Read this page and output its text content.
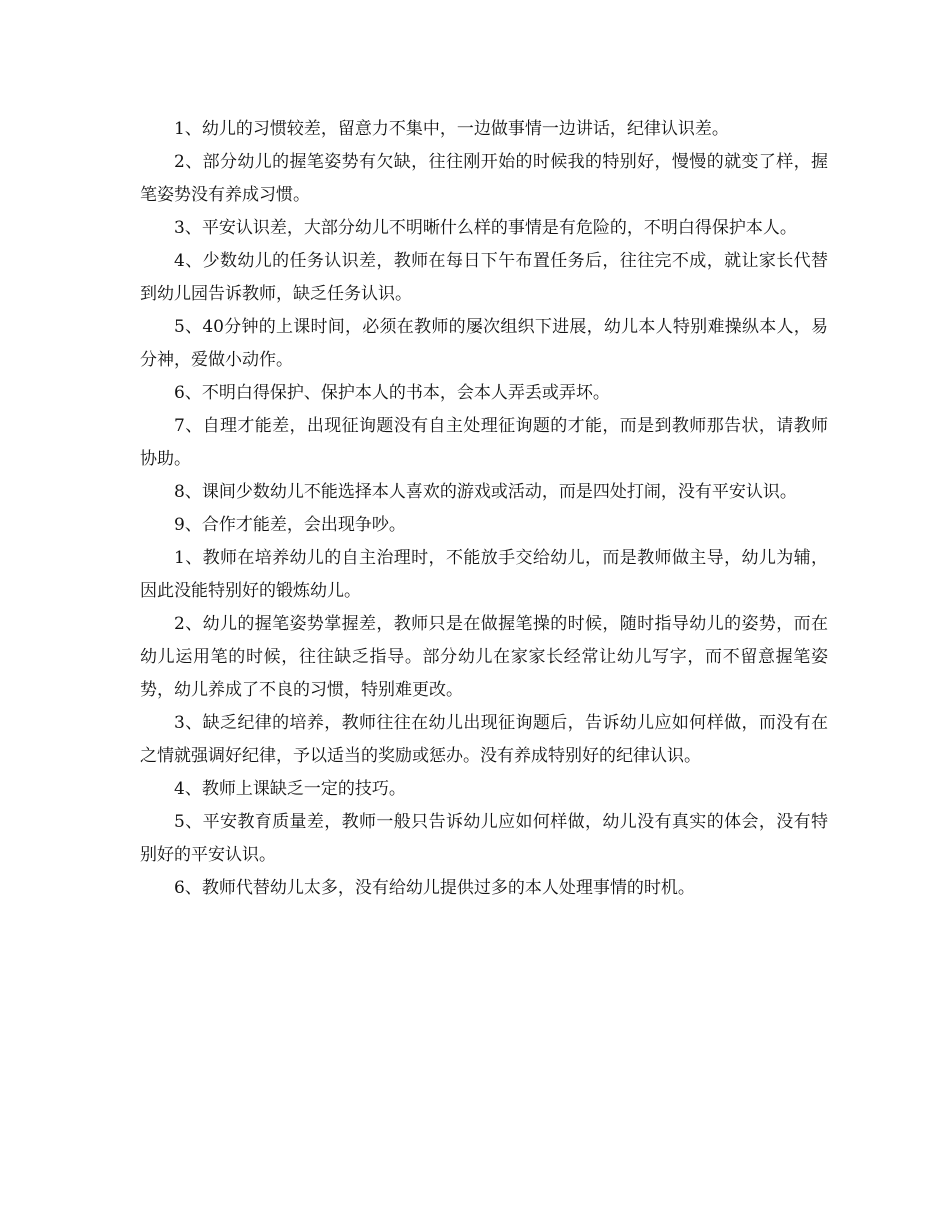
1、幼儿的习惯较差，留意力不集中，一边做事情一边讲话，纪律认识差。

2、部分幼儿的握笔姿势有欠缺，往往刚开始的时候我的特别好，慢慢的就变了样，握笔姿势没有养成习惯。

3、平安认识差，大部分幼儿不明晰什么样的事情是有危险的，不明白得保护本人。

4、少数幼儿的任务认识差，教师在每日下午布置任务后，往往完不成，就让家长代替到幼儿园告诉教师，缺乏任务认识。

5、40分钟的上课时间，必须在教师的屡次组织下进展，幼儿本人特别难操纵本人，易分神，爱做小动作。

6、不明白得保护、保护本人的书本，会本人弄丢或弄坏。

7、自理才能差，出现征询题没有自主处理征询题的才能，而是到教师那告状，请教师协助。

8、课间少数幼儿不能选择本人喜欢的游戏或活动，而是四处打闹，没有平安认识。

9、合作才能差，会出现争吵。

1、教师在培养幼儿的自主治理时，不能放手交给幼儿，而是教师做主导，幼儿为辅，因此没能特别好的锻炼幼儿。

2、幼儿的握笔姿势掌握差，教师只是在做握笔操的时候，随时指导幼儿的姿势，而在幼儿运用笔的时候，往往缺乏指导。部分幼儿在家家长经常让幼儿写字，而不留意握笔姿势，幼儿养成了不良的习惯，特别难更改。

3、缺乏纪律的培养，教师往往在幼儿出现征询题后，告诉幼儿应如何样做，而没有在之情就强调好纪律，予以适当的奖励或惩办。没有养成特别好的纪律认识。

4、教师上课缺乏一定的技巧。

5、平安教育质量差，教师一般只告诉幼儿应如何样做，幼儿没有真实的体会，没有特别好的平安认识。

6、教师代替幼儿太多，没有给幼儿提供过多的本人处理事情的时机。
